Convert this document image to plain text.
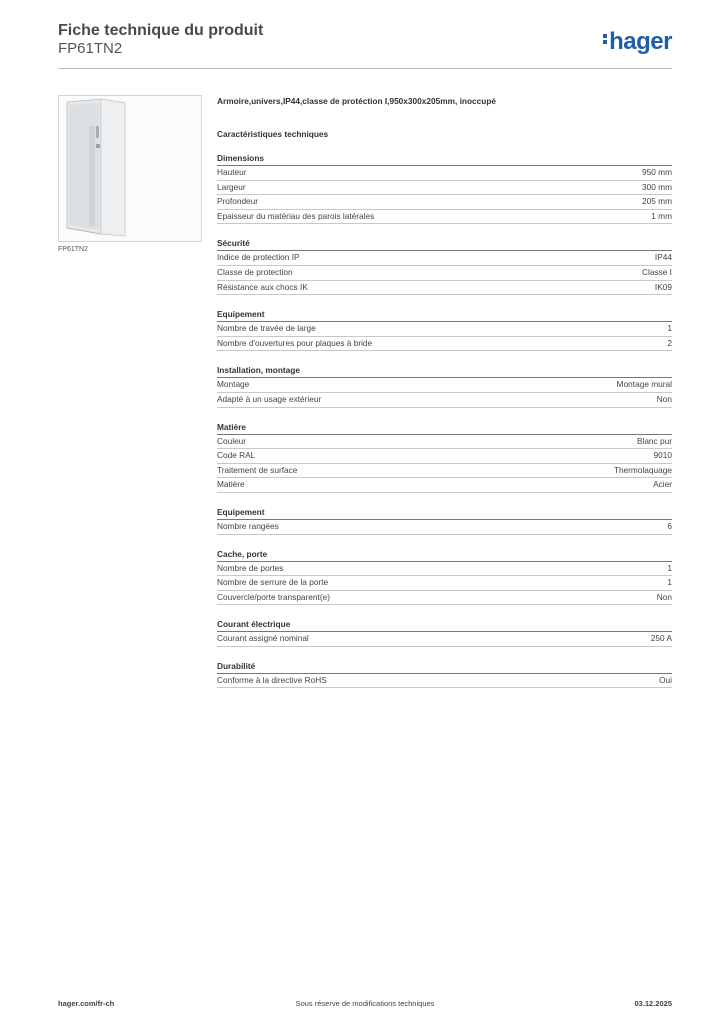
Fiche technique du produit
FP61TN2	hager
FP61TN2
Armoire,univers,IP44,classe de protéction I,950x300x205mm, inoccupé
Caractéristiques techniques
Dimensions
Hauteur	950 mm
Largeur	300 mm
Profondeur	205 mm
Epaisseur du matériau des parois latérales	1 mm
Sécurité
Indice de protection IP	IP44
Classe de protection	Classe I
Résistance aux chocs IK	IK09
Equipement
Nombre de travée de large	1
Nombre d'ouvertures pour plaques à bride	2
Installation, montage
Montage	Montage mural
Adapté à un usage extérieur	Non
Matière
Couleur	Blanc pur
Code RAL	9010
Traitement de surface	Thermolaquage
Matière	Acier
Equipement
Nombre rangées	6
Cache, porte
Nombre de portes	1
Nombre de serrure de la porte	1
Couvercle/porte transparent(e)	Non
Courant électrique
Courant assigné nominal	250 A
Durabilité
Conforme à la directive RoHS	Oui
hager.com/fr-ch	Sous réserve de modifications techniques	03.12.2025
